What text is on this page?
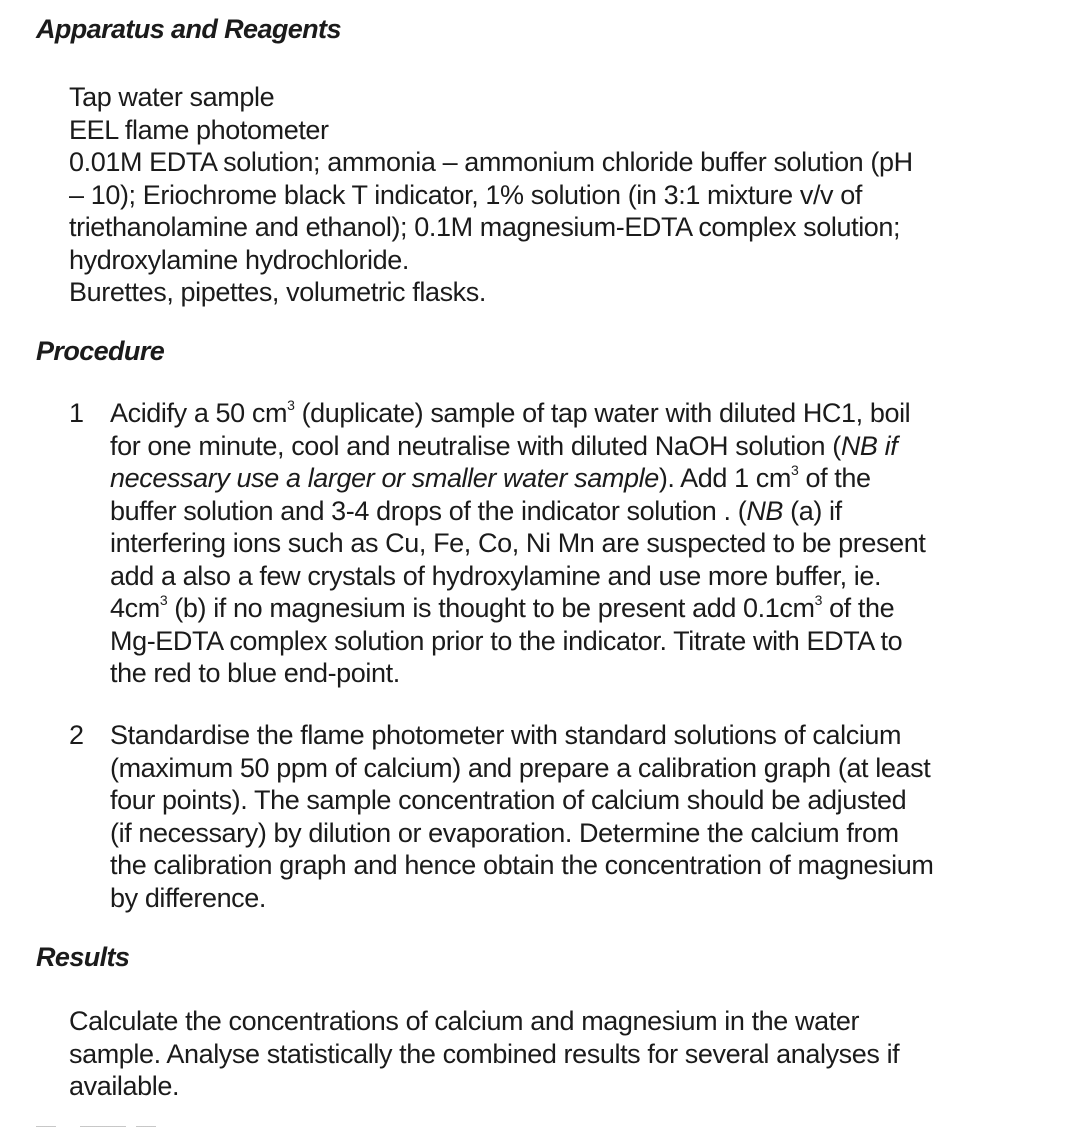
Apparatus and Reagents
Tap water sample
EEL flame photometer
0.01M EDTA solution; ammonia – ammonium chloride buffer solution (pH
– 10); Eriochrome black T indicator, 1% solution (in 3:1 mixture v/v of
triethanolamine and ethanol); 0.1M magnesium-EDTA complex solution;
hydroxylamine hydrochloride.
Burettes, pipettes, volumetric flasks.
Procedure
1 Acidify a 50 $cm^3$ (duplicate) sample of tap water with diluted HC1, boil
for one minute, cool and neutralise with diluted NaOH solution (NB if
necessary use a larger or smaller water sample). Add 1 $cm^3$ of the
buffer solution and 3-4 drops of the indicator solution . (NB (a) if
interfering ions such as Cu, Fe, Co, Ni Mn are suspected to be present
add a also a few crystals of hydroxylamine and use more buffer, ie.
$4cm^3$ (b) if no magnesium is thought to be present add $0.1cm^3$ of the
Mg-EDTA complex solution prior to the indicator. Titrate with EDTA to
the red to blue end-point.
2 Standardise the flame photometer with standard solutions of calcium
(maximum 50 ppm of calcium) and prepare a calibration graph (at least
four points). The sample concentration of calcium should be adjusted
(if necessary) by dilution or evaporation. Determine the calcium from
the calibration graph and hence obtain the concentration of magnesium
by difference.
Results
Calculate the concentrations of calcium and magnesium in the water
sample. Analyse statistically the combined results for several analyses if
available.
